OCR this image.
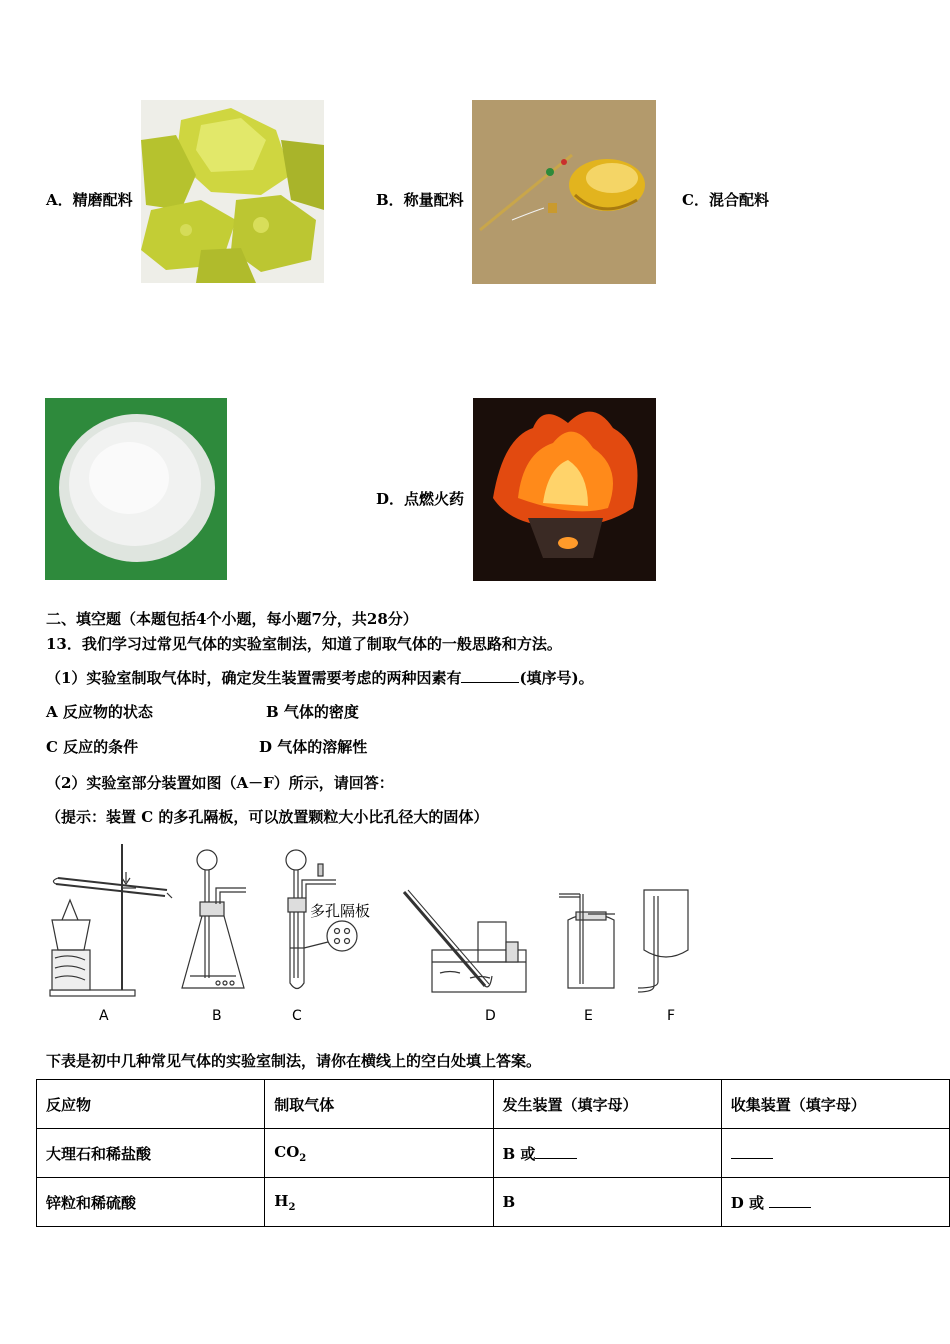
A．精磨配料	B．称量配料	C．混合配料
D．点燃火药
二、填空题（本题包括4个小题，每小题7分，共28分）
13．我们学习过常见气体的实验室制法，知道了制取气体的一般思路和方法。
（1）实验室制取气体时，确定发生装置需要考虑的两种因素有	(填序号)。
A 反应物的状态	B 气体的密度
C 反应的条件	D 气体的溶解性
（2）实验室部分装置如图（A－F）所示，请回答：
（提示：装置 C 的多孔隔板，可以放置颗粒大小比孔径大的固体）
A	B	C	D	E	F
多孔隔板
下表是初中几种常见气体的实验室制法，请你在横线上的空白处填上答案。
反应物	制取气体	发生装置（填字母）	收集装置（填字母）
大理石和稀盐酸	$CO_2$	B 或	
锌粒和稀硫酸	$H_2$	B	D 或
